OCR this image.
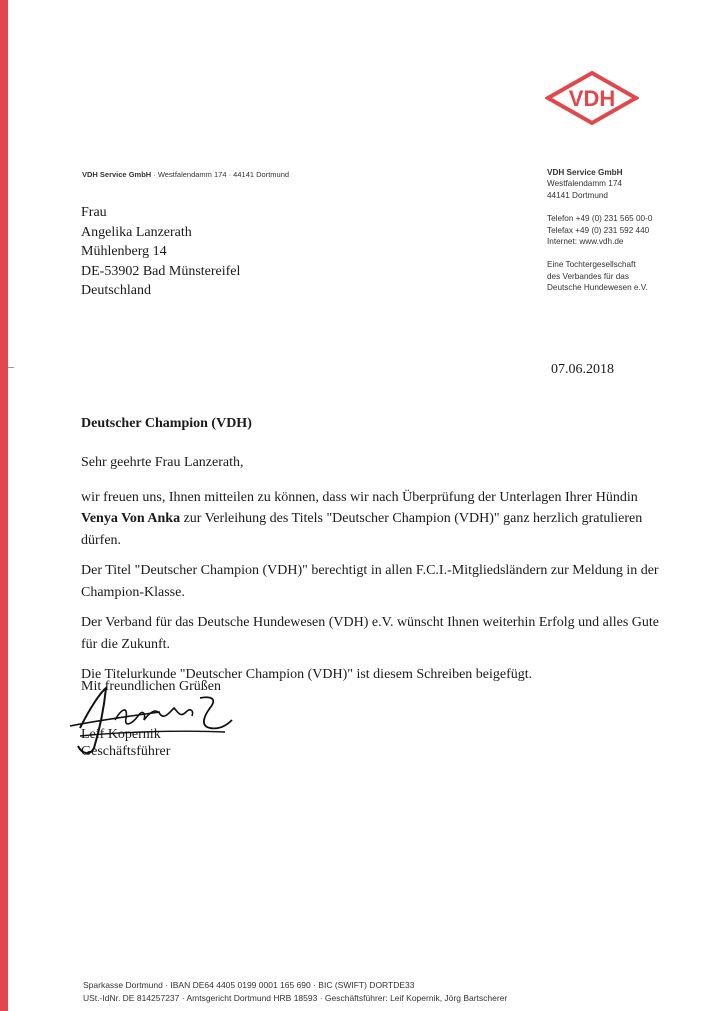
VDH
VDH Service GmbH · Westfalendamm 174 · 44141 Dortmund
Frau
Angelika Lanzerath
Mühlenberg 14
DE-53902 Bad Münstereifel
Deutschland
VDH Service GmbH
Westfalendamm 174
44141 Dortmund
Telefon +49 (0) 231 565 00-0
Telefax +49 (0) 231 592 440
Internet: www.vdh.de
Eine Tochtergesellschaft
des Verbandes für das
Deutsche Hundewesen e.V.
07.06.2018
Deutscher Champion (VDH)

Sehr geehrte Frau Lanzerath,

wir freuen uns, Ihnen mitteilen zu können, dass wir nach Überprüfung der Unterlagen Ihrer Hündin Venya Von Anka zur Verleihung des Titels "Deutscher Champion (VDH)" ganz herzlich gratulieren dürfen.

Der Titel "Deutscher Champion (VDH)" berechtigt in allen F.C.I.-Mitgliedsländern zur Meldung in der Champion-Klasse.

Der Verband für das Deutsche Hundewesen (VDH) e.V. wünscht Ihnen weiterhin Erfolg und alles Gute für die Zukunft.

Die Titelurkunde "Deutscher Champion (VDH)" ist diesem Schreiben beigefügt.

Mit freundlichen Grüßen
Leif Kopernik
Geschäftsführer
Sparkasse Dortmund · IBAN DE64 4405 0199 0001 165 690 · BIC (SWIFT) DORTDE33
USt.-IdNr. DE 814257237 · Amtsgericht Dortmund HRB 18593 · Geschäftsführer: Leif Kopernik, Jörg Bartscherer
